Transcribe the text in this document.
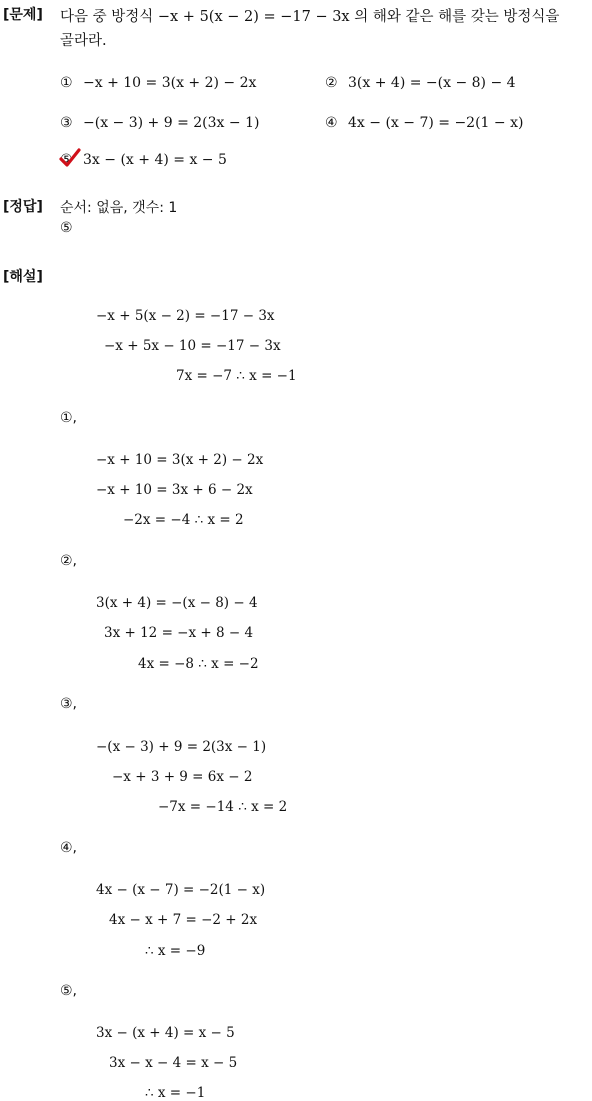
[문제] 다음 중 방정식 −x + 5(x − 2) = −17 − 3x 의 해와 같은 해를 갖는 방정식을
골라라.
① −x + 10 = 3(x + 2) − 2x	② 3(x + 4) = −(x − 8) − 4
③ −(x − 3) + 9 = 2(3x − 1)	④ 4x − (x − 7) = −2(1 − x)
⑤ 3x − (x + 4) = x − 5
[정답] 순서: 없음, 갯수: 1
⑤
[해설]
−x + 5(x − 2) = −17 − 3x
−x + 5x − 10 = −17 − 3x
7x = −7 ∴ x = −1
①,
−x + 10 = 3(x + 2) − 2x
−x + 10 = 3x + 6 − 2x
−2x = −4 ∴ x = 2
②,
3(x + 4) = −(x − 8) − 4
3x + 12 = −x + 8 − 4
4x = −8 ∴ x = −2
③,
−(x − 3) + 9 = 2(3x − 1)
−x + 3 + 9 = 6x − 2
−7x = −14 ∴ x = 2
④,
4x − (x − 7) = −2(1 − x)
4x − x + 7 = −2 + 2x
∴ x = −9
⑤,
3x − (x + 4) = x − 5
3x − x − 4 = x − 5
∴ x = −1
